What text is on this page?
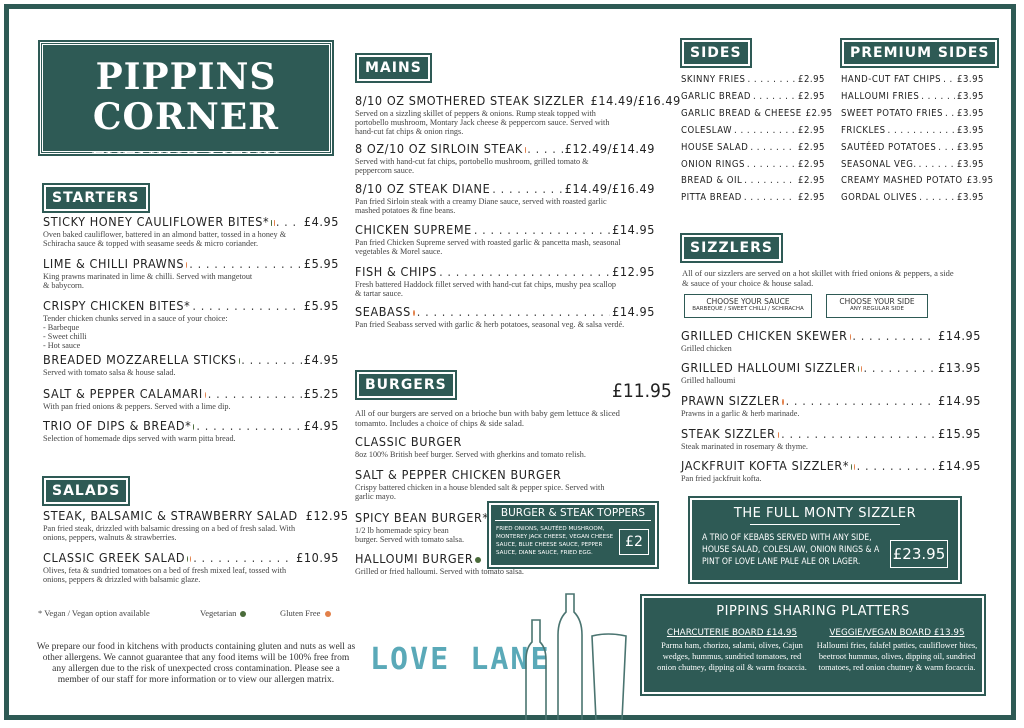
PIPPINS CORNER
EVENING MENU
STARTERS
STICKY HONEY CAULIFLOWER BITES* . . .	£4.95
Oven baked cauliflower, battered in an almond batter, tossed in a honey &
Schiracha sauce & topped with seasame seeds & micro coriander.
LIME & CHILLI PRAWNS . . .	£5.95
King prawns marinated in lime & chilli. Served with mangetout
& babycorn.
CRISPY CHICKEN BITES* . . .	£5.95
Tender chicken chunks served in a sauce of your choice:
- Barbeque
- Sweet chilli
- Hot sauce
BREADED MOZZARELLA STICKS . . .	£4.95
Served with tomato salsa & house salad.
SALT & PEPPER CALAMARI . . .	£5.25
With pan fried onions & peppers. Served with a lime dip.
TRIO OF DIPS & BREAD* . . .	£4.95
Selection of homemade dips served with warm pitta bread.
SALADS
STEAK, BALSAMIC & STRAWBERRY SALAD £12.95
Pan fried steak, drizzled with balsamic dressing on a bed of fresh salad. With
onions, peppers, walnuts & strawberries.
CLASSIC GREEK SALAD . . .	£10.95
Olives, feta & sundried tomatoes on a bed of fresh mixed leaf, tossed with
onions, peppers & drizzled with balsamic glaze.
* Vegan / Vegan option available	Vegetarian	Gluten Free
We prepare our food in kitchens with products containing gluten and nuts as well as other allergens. We cannot guarantee that any food items will be 100% free from any allergen due to the risk of unexpected cross contamination. Please see a member of our staff for more information or to view our allergen matrix.
MAINS
8/10 OZ SMOTHERED STEAK SIZZLER £14.49/£16.49
Served on a sizzling skillet of peppers & onions. Rump steak topped with
portobello mushroom, Montary Jack cheese & peppercorn sauce. Served with
hand-cut fat chips & onion rings.
8 OZ/10 OZ SIRLOIN STEAK . . .	£12.49/£14.49
Served with hand-cut fat chips, portobello mushroom, grilled tomato &
peppercorn sauce.
8/10 OZ STEAK DIANE . . .	£14.49/£16.49
Pan fried Sirloin steak with a creamy Diane sauce, served with roasted garlic
mashed potatoes & fine beans.
CHICKEN SUPREME . . .	£14.95
Pan fried Chicken Supreme served with roasted garlic & pancetta mash, seasonal
vegetables & Morel sauce.
FISH & CHIPS . . .	£12.95
Fresh battered Haddock fillet served with hand-cut fat chips, mushy pea scallop
& tartar sauce.
SEABASS . . .	£14.95
Pan fried Seabass served with garlic & herb potatoes, seasonal veg. & salsa verdé.
BURGERS	£11.95
All of our burgers are served on a brioche bun with baby gem lettuce & sliced
tomamto. Includes a choice of chips & side salad.
CLASSIC BURGER
8oz 100% British beef burger. Served with gherkins and tomato relish.
SALT & PEPPER CHICKEN BURGER
Crispy battered chicken in a house blended salt & pepper spice. Served with
garlic mayo.
SPICY BEAN BURGER*
1/2 lb homemade spicy bean
burger. Served with tomato salsa.
HALLOUMI BURGER
Grilled or fried halloumi. Served with tomato salsa.
BURGER & STEAK TOPPERS
FRIED ONIONS, SAUTÉED MUSHROOM, MONTEREY JACK CHEESE, VEGAN CHEESE SAUCE, BLUE CHEESE SAUCE, PEPPER SAUCE, DIANE SAUCE, FRIED EGG.
£2
LOVE LANE
SIDES
SKINNY FRIES . . .	£2.95
GARLIC BREAD . . .	£2.95
GARLIC BREAD & CHEESE £2.95
COLESLAW . . .	£2.95
HOUSE SALAD . . .	£2.95
ONION RINGS . . .	£2.95
BREAD & OIL . . .	£2.95
PITTA BREAD . . .	£2.95
PREMIUM SIDES
HAND-CUT FAT CHIPS . . . £3.95
HALLOUMI FRIES . . .	£3.95
SWEET POTATO FRIES . . . £3.95
FRICKLES . . .	£3.95
SAUTÉED POTATOES . . . £3.95
SEASONAL VEG. . . .	£3.95
CREAMY MASHED POTATO £3.95
GORDAL OLIVES . . .	£3.95
SIZZLERS
All of our sizzlers are served on a hot skillet with fried onions & peppers, a side
& sauce of your choice & house salad.
CHOOSE YOUR SAUCE
BARBEQUE / SWEET CHILLI / SCHIRACHA
CHOOSE YOUR SIDE
ANY REGULAR SIDE
GRILLED CHICKEN SKEWER . . .	£14.95
Grilled chicken
GRILLED HALLOUMI SIZZLER . . .	£13.95
Grilled halloumi
PRAWN SIZZLER . . .	£14.95
Prawns in a garlic & herb marinade.
STEAK SIZZLER . . .	£15.95
Steak marinated in rosemary & thyme.
JACKFRUIT KOFTA SIZZLER* . . .	£14.95
Pan fried jackfruit kofta.
THE FULL MONTY SIZZLER
A TRIO OF KEBABS SERVED WITH ANY SIDE, HOUSE SALAD, COLESLAW, ONION RINGS & A PINT OF LOVE LANE PALE ALE OR LAGER.	£23.95
PIPPINS SHARING PLATTERS
CHARCUTERIE BOARD £14.95
Parma ham, chorizo, salami, olives, Cajun wedges, hummus, sundried tomatoes, red onion chutney, dipping oil & warm focaccia.
VEGGIE/VEGAN BOARD £13.95
Halloumi fries, falafel patties, cauliflower bites, beetroot hummus, olives, dipping oil, sundried tomatoes, red onion chutney & warm focaccia.
